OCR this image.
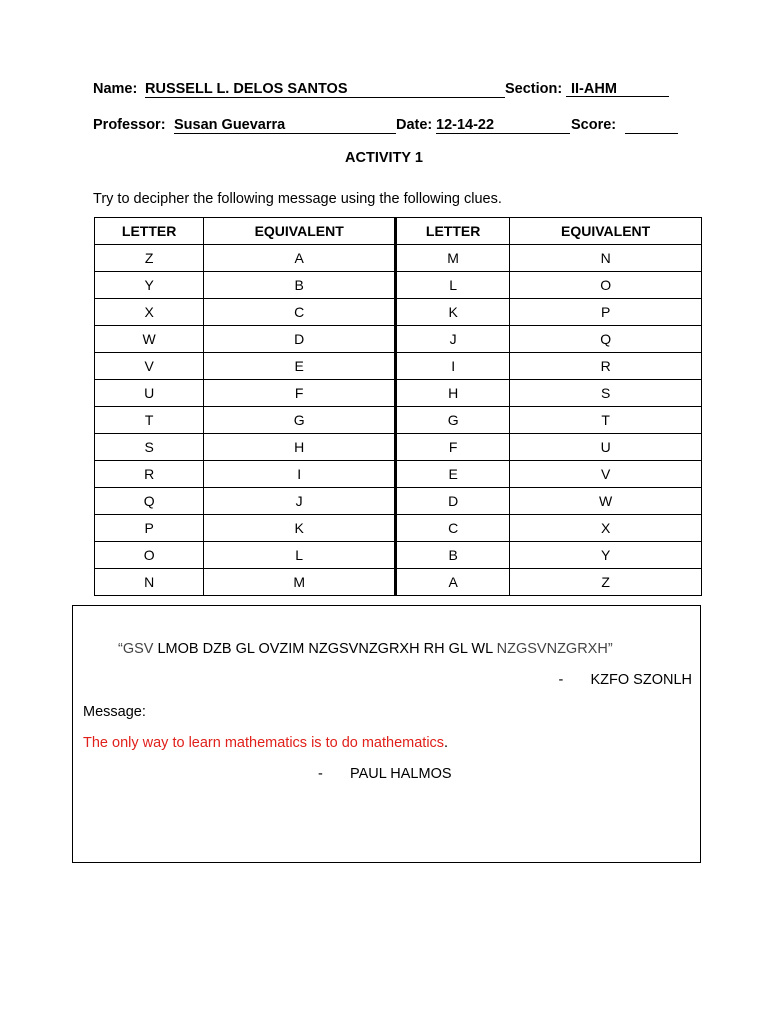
Name: RUSSELL L. DELOS SANTOS	Section: II-AHM
Professor: Susan Guevarra	Date: 12-14-22	Score:
ACTIVITY 1
Try to decipher the following message using the following clues.
LETTER	EQUIVALENT	LETTER	EQUIVALENT
Z	A	M	N
Y	B	L	O
X	C	K	P
W	D	J	Q
V	E	I	R
U	F	H	S
T	G	G	T
S	H	F	U
R	I	E	V
Q	J	D	W
P	K	C	X
O	L	B	Y
N	M	A	Z
“GSV LMOB DZB GL OVZIM NZGSVNZGRXH RH GL WL NZGSVNZGRXH”
- KZFO SZONLH
Message:
The only way to learn mathematics is to do mathematics.
- PAUL HALMOS
